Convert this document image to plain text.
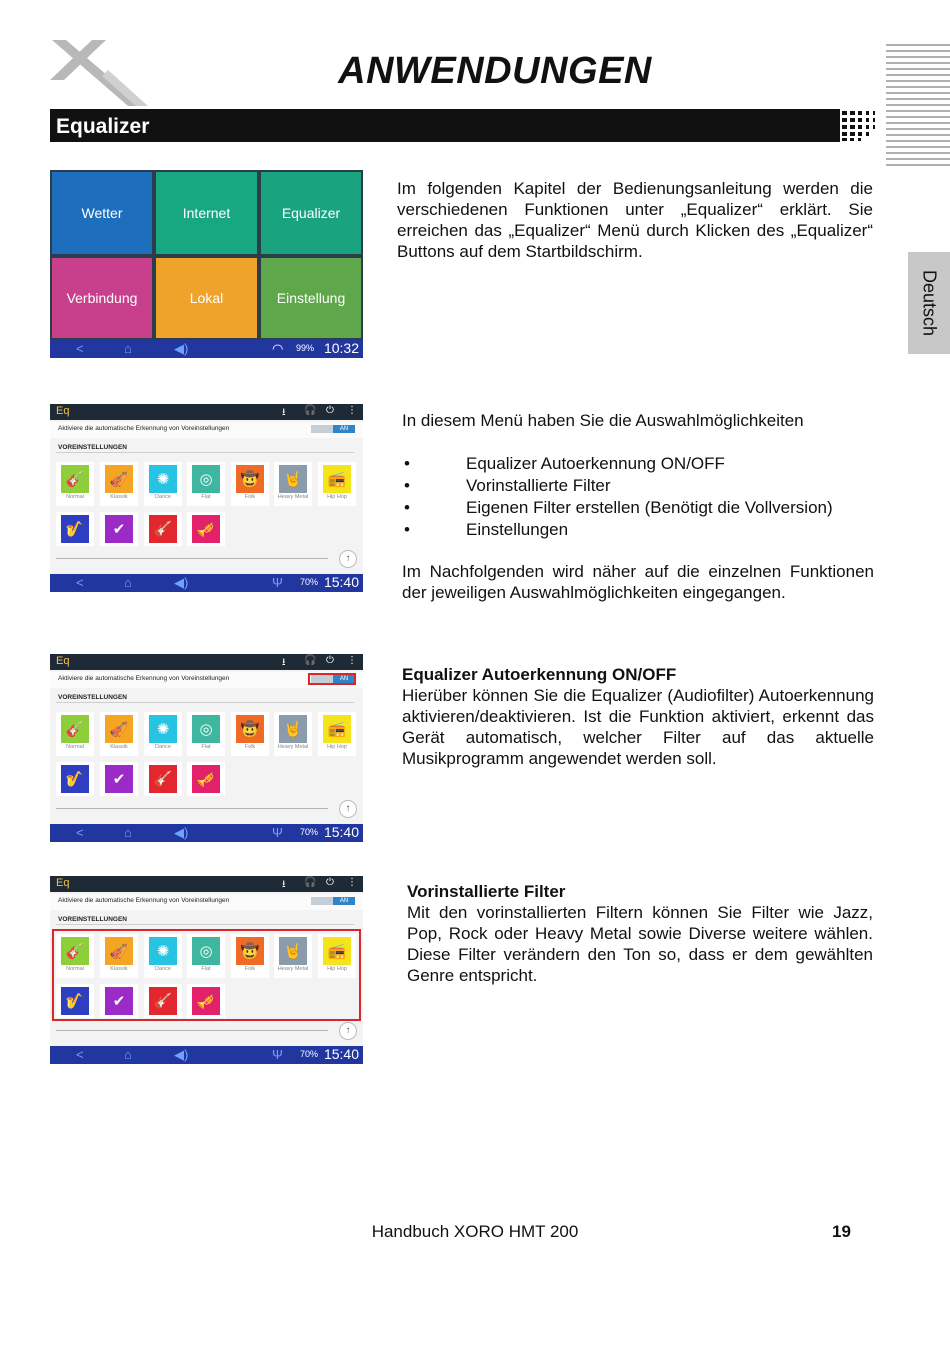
ANWENDUNGEN
Equalizer
Deutsch
Wetter	Internet	Equalizer
Verbindung	Lokal	Einstellung
<	⌂	◀)	◠ 99% 10:32
Im folgenden Kapitel der Bedienungsanleitung werden die verschiedenen Funktionen unter „Equalizer“ erklärt. Sie erreichen das „Equalizer“ Menü durch Klicken des „Equalizer“ Buttons auf dem Startbildschirm.
Eq	⭳ 🎧 ⏻ ⋮
Aktiviere die automatische Erkennung von Voreinstellungen	AN
VOREINSTELLUNGEN
🎸
Normal
🎻
Klassik
✺
Dance
◎
Flat
🤠
Folk
🤘
Heavy Metal
📻
Hip Hop
🎷	✔	🎸	🎺
↑
<	⌂	◀)	Ψ 70% 15:40
In diesem Menü haben Sie die Auswahlmöglichkeiten
• Equalizer Autoerkennung ON/OFF
• Vorinstallierte Filter
• Eigenen Filter erstellen (Benötigt die Vollversion)
• Einstellungen
Im Nachfolgenden wird näher auf die einzelnen Funktionen der jeweiligen Auswahlmöglichkeiten eingegangen.
Eq	⭳ 🎧 ⏻ ⋮
Aktiviere die automatische Erkennung von Voreinstellungen	AN
VOREINSTELLUNGEN
🎸
Normal
🎻
Klassik
✺
Dance
◎
Flat
🤠
Folk
🤘
Heavy Metal
📻
Hip Hop
🎷	✔	🎸	🎺
↑
<	⌂	◀)	Ψ 70% 15:40
Equalizer Autoerkennung ON/OFF
Hierüber können Sie die Equalizer (Audiofilter) Autoerkennung aktivieren/deaktivieren. Ist die Funktion aktiviert, erkennt das Gerät automatisch, welcher Filter auf das aktuelle Musikprogramm angewendet werden soll.
Eq	⭳ 🎧 ⏻ ⋮
Aktiviere die automatische Erkennung von Voreinstellungen	AN
VOREINSTELLUNGEN
🎸
Normal
🎻
Klassik
✺
Dance
◎
Flat
🤠
Folk
🤘
Heavy Metal
📻
Hip Hop
🎷	✔	🎸	🎺
↑
<	⌂	◀)	Ψ 70% 15:40
Vorinstallierte Filter
Mit den vorinstallierten Filtern können Sie Filter wie Jazz, Pop, Rock oder Heavy Metal sowie Diverse weitere wählen. Diese Filter verändern den Ton so, dass er dem gewählten Genre entspricht.
Handbuch XORO HMT 200	19
